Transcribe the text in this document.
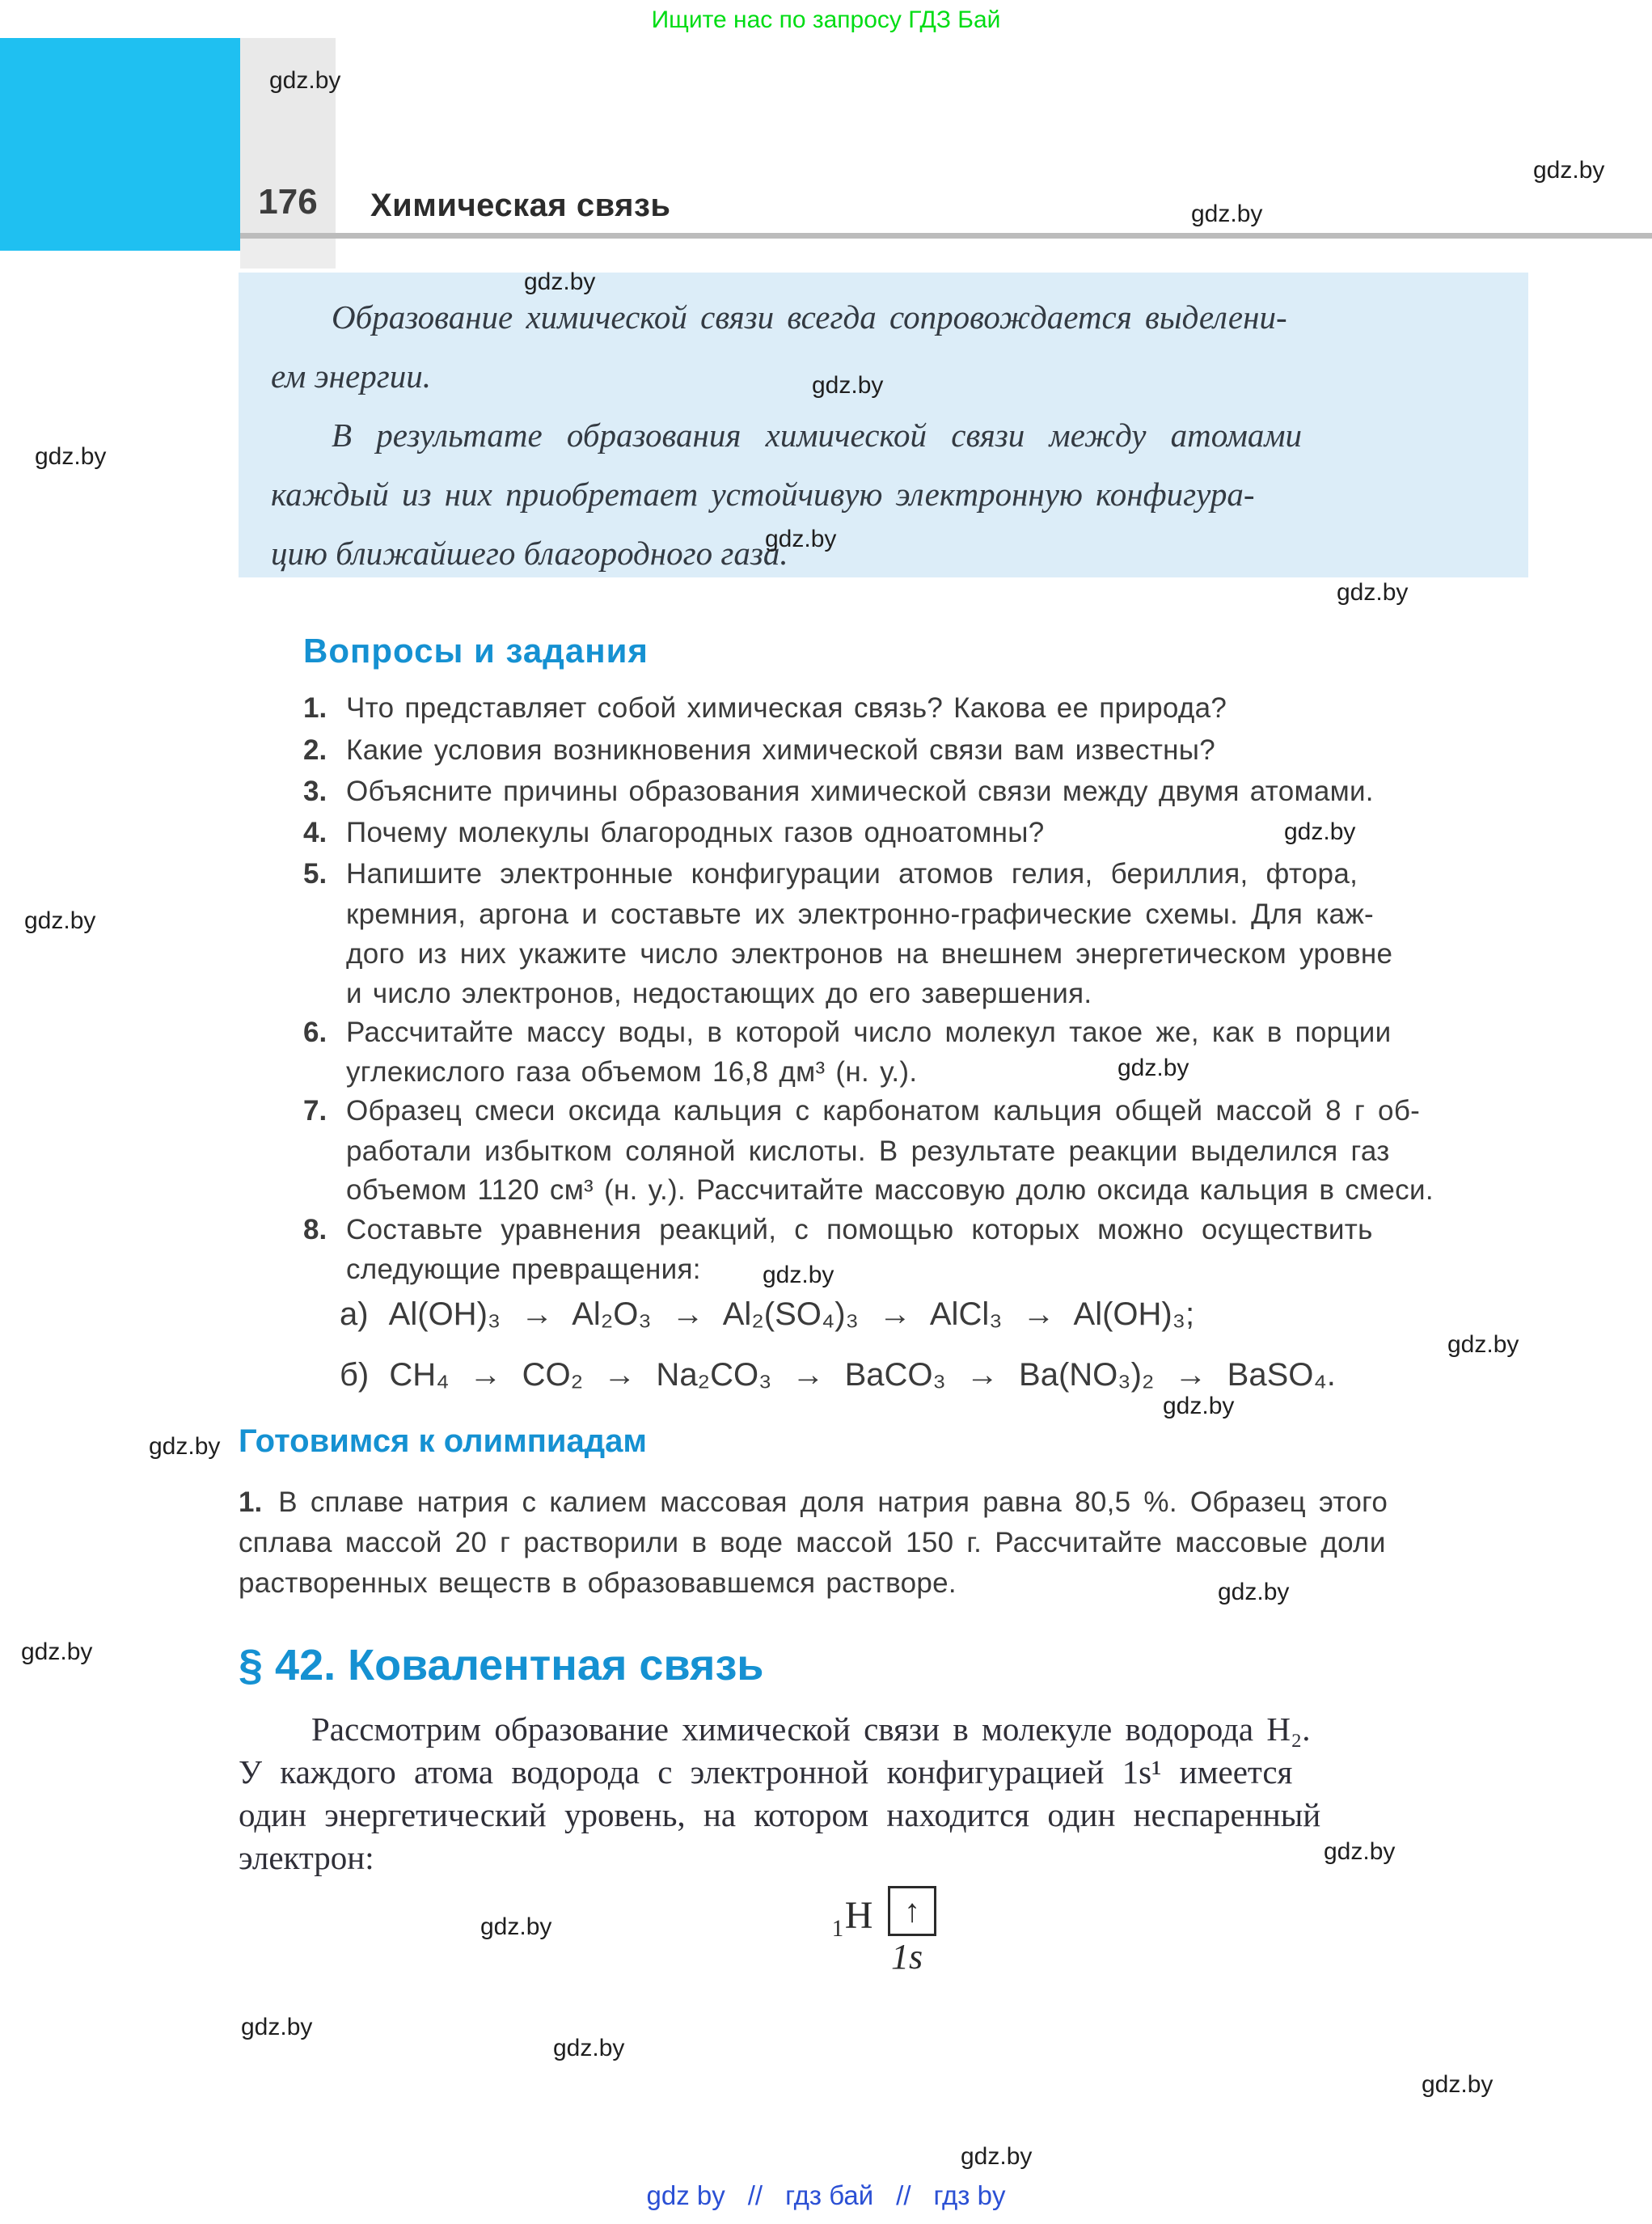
Ищите нас по запросу ГДЗ Бай
176	Химическая связь
Образование химической связи всегда сопровождается выделени-
ем энергии.
В результате образования химической связи между атомами
каждый из них приобретает устойчивую электронную конфигура-
цию ближайшего благородного газа.
Вопросы и задания
1. Что представляет собой химическая связь? Какова ее природа?
2. Какие условия возникновения химической связи вам известны?
3. Объясните причины образования химической связи между двумя атомами.
4. Почему молекулы благородных газов одноатомны?
5. Напишите электронные конфигурации атомов гелия, бериллия, фтора,
кремния, аргона и составьте их электронно-графические схемы. Для каж-
дого из них укажите число электронов на внешнем энергетическом уровне
и число электронов, недостающих до его завершения.
6. Рассчитайте массу воды, в которой число молекул такое же, как в порции
углекислого газа объемом 16,8 дм³ (н. у.).
7. Образец смеси оксида кальция с карбонатом кальция общей массой 8 г об-
работали избытком соляной кислоты. В результате реакции выделился газ
объемом 1120 см³ (н. у.). Рассчитайте массовую долю оксида кальция в смеси.
8. Составьте уравнения реакций, с помощью которых можно осуществить
следующие превращения:
а) Al(OH)₃ → Al₂O₃ → Al₂(SO₄)₃ → AlCl₃ → Al(OH)₃;
б) CH₄ → CO₂ → Na₂CO₃ → BaCO₃ → Ba(NO₃)₂ → BaSO₄.
Готовимся к олимпиадам
1. В сплаве натрия с калием массовая доля натрия равна 80,5 %. Образец этого
сплава массой 20 г растворили в воде массой 150 г. Рассчитайте массовые доли
растворенных веществ в образовавшемся растворе.
§ 42. Ковалентная связь
Рассмотрим образование химической связи в молекуле водорода H₂.
У каждого атома водорода с электронной конфигурацией 1s¹ имеется
один энергетический уровень, на котором находится один неспаренный
электрон:
₁H ↑
1s
gdz.by
gdz.by
gdz.by
gdz.by
gdz.by
gdz.by
gdz.by
gdz.by
gdz.by
gdz.by
gdz.by
gdz.by
gdz.by
gdz.by
gdz.by
gdz.by
gdz.by
gdz.by
gdz.by
gdz.by
gdz.by
gdz.by
gdz.by
gdz by // гдз бай // гдз by
